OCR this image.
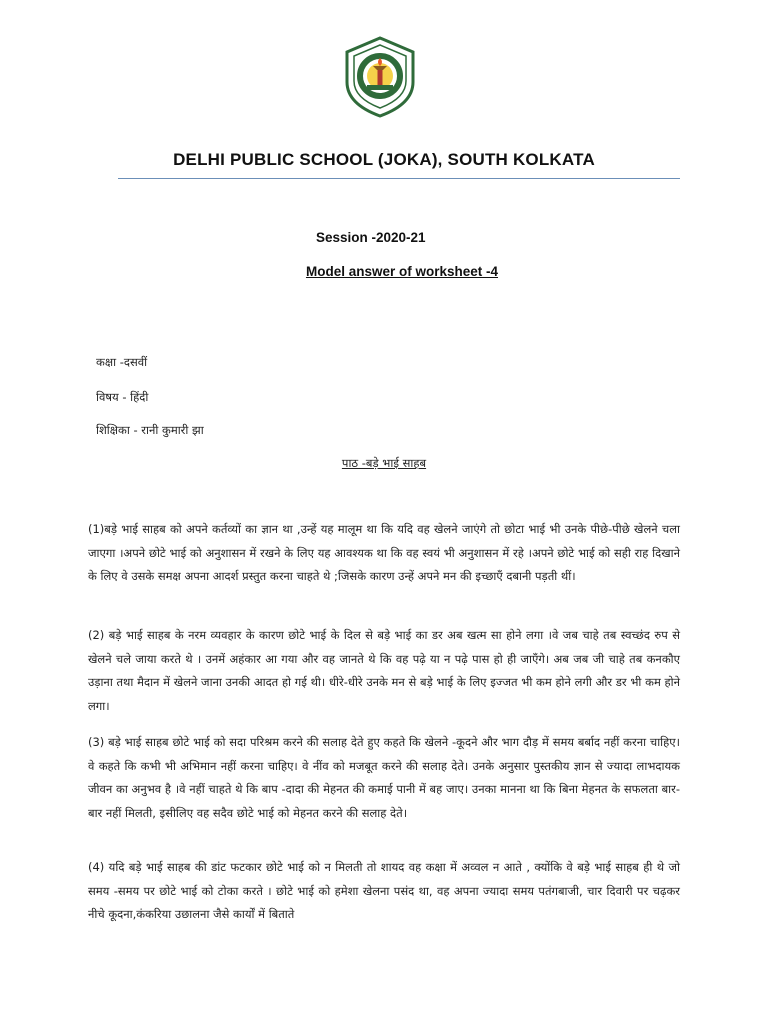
DELHI PUBLIC SCHOOL (JOKA), SOUTH KOLKATA
Session -2020-21
Model answer of worksheet -4
कक्षा -दसवीं
विषय - हिंदी
शिक्षिका - रानी कुमारी झा
पाठ -बड़े भाई साहब
(1)बड़े भाई साहब को अपने कर्तव्यों का ज्ञान था ,उन्हें यह मालूम था कि यदि वह खेलने जाएंगे तो छोटा भाई भी उनके पीछे-पीछे खेलने चला जाएगा ।अपने छोटे भाई को अनुशासन में रखने के लिए यह आवश्यक था कि वह स्वयं भी अनुशासन में रहे ।अपने छोटे भाई को सही राह दिखाने के लिए वे उसके समक्ष अपना आदर्श प्रस्तुत करना चाहते थे ;जिसके कारण उन्हें अपने मन की इच्छाएँ दबानी पड़ती थीं।
(2) बड़े भाई साहब के नरम व्यवहार के कारण छोटे भाई के दिल से बड़े भाई का डर अब खत्म सा होने लगा ।वे जब चाहे तब स्वच्छंद रुप से खेलने चले जाया करते थे । उनमें अहंकार आ गया और वह जानते थे कि वह पढ़े या न पढ़े पास हो ही जाएँगे। अब जब जी चाहे तब कनकौए उड़ाना तथा मैदान में खेलने जाना उनकी आदत हो गई थी। धीरे-धीरे उनके मन से बड़े भाई के लिए इज्जत भी कम होने लगी और डर भी कम होने लगा।
(3) बड़े भाई साहब छोटे भाई को सदा परिश्रम करने की सलाह देते हुए कहते कि खेलने -कूदने और भाग दौड़ में समय बर्बाद नहीं करना चाहिए। वे कहते कि कभी भी अभिमान नहीं करना चाहिए। वे नींव को मजबूत करने की सलाह देते। उनके अनुसार पुस्तकीय ज्ञान से ज्यादा लाभदायक जीवन का अनुभव है ।वे नहीं चाहते थे कि बाप -दादा की मेहनत की कमाई पानी में बह जाए। उनका मानना था कि बिना मेहनत के सफलता बार-बार नहीं मिलती, इसीलिए वह सदैव छोटे भाई को मेहनत करने की सलाह देते।
(4) यदि बड़े भाई साहब की डांट फटकार छोटे भाई को न मिलती तो शायद वह कक्षा में अव्वल न आते , क्योंकि वे बड़े भाई साहब ही थे जो समय -समय पर छोटे भाई को टोका करते । छोटे भाई को हमेशा खेलना पसंद था, वह अपना ज्यादा समय पतंगबाजी, चार दिवारी पर चढ़कर नीचे कूदना,कंकरिया उछालना जैसे कार्यों में बिताते
